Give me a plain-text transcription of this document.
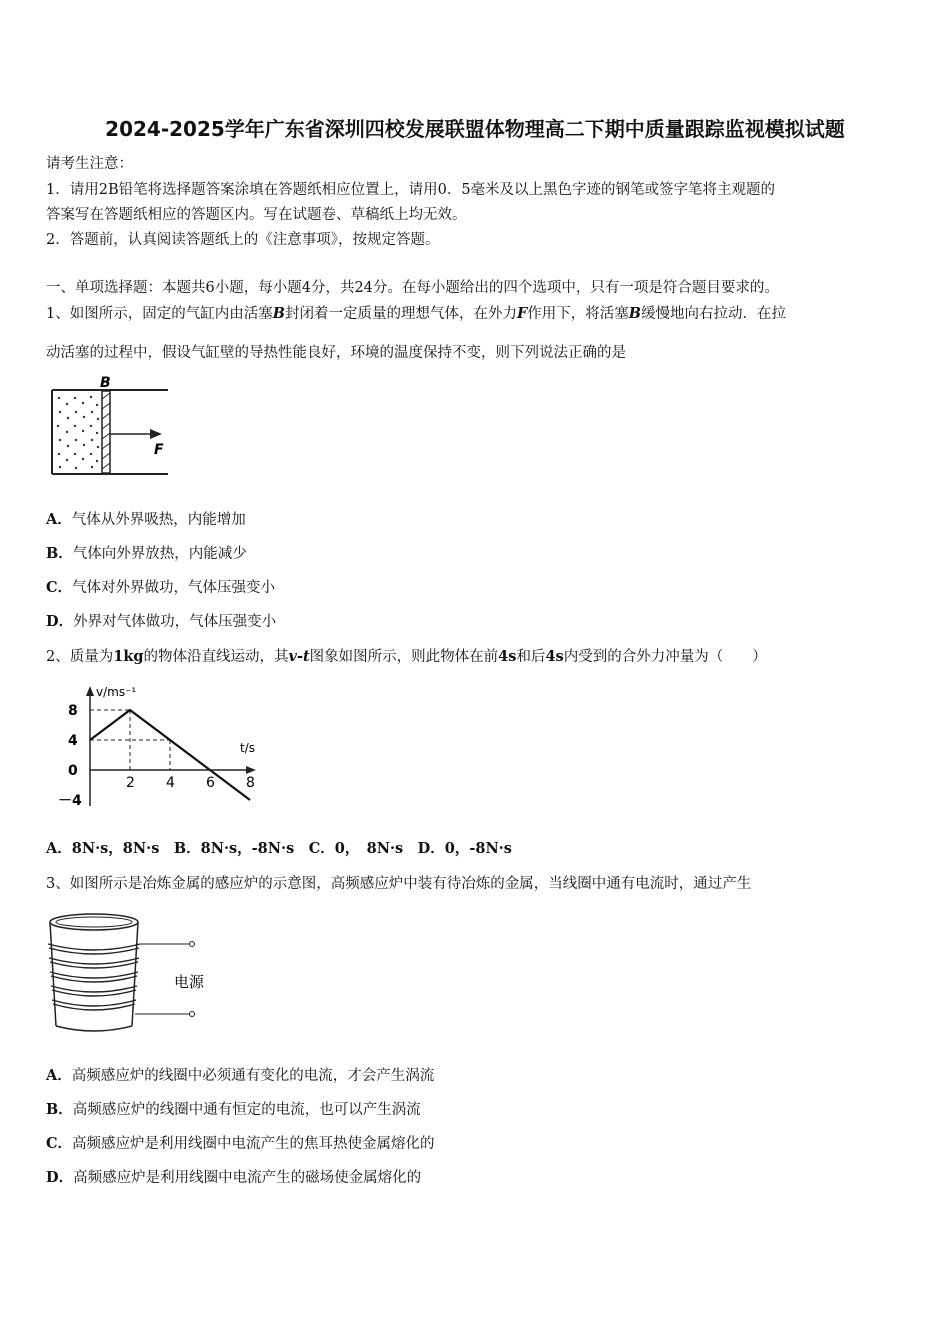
2024-2025学年广东省深圳四校发展联盟体物理高二下期中质量跟踪监视模拟试题
请考生注意：
1．请用2B铅笔将选择题答案涂填在答题纸相应位置上，请用0．5毫米及以上黑色字迹的钢笔或签字笔将主观题的
答案写在答题纸相应的答题区内。写在试题卷、草稿纸上均无效。
2．答题前，认真阅读答题纸上的《注意事项》，按规定答题。
一、单项选择题：本题共6小题，每小题4分，共24分。在每小题给出的四个选项中，只有一项是符合题目要求的。
1、如图所示，固定的气缸内由活塞B封闭着一定质量的理想气体，在外力F作用下，将活塞B缓慢地向右拉动．在拉
动活塞的过程中，假设气缸壁的导热性能良好，环境的温度保持不变，则下列说法正确的是
B
F
A．气体从外界吸热，内能增加
B．气体向外界放热，内能减少
C．气体对外界做功，气体压强变小
D．外界对气体做功，气体压强变小
2、质量为1kg的物体沿直线运动，其v-t图象如图所示，则此物体在前4s和后4s内受到的合外力冲量为（　　）
v/ms⁻¹
t/s
2 4 6 8
8
4
0
－4
A．8N·s，8N·s　B．8N·s，-8N·s　C．0，　8N·s　D．0，-8N·s
3、如图所示是冶炼金属的感应炉的示意图，高频感应炉中装有待冶炼的金属，当线圈中通有电流时，通过产生
电源
A．高频感应炉的线圈中必须通有变化的电流，才会产生涡流
B．高频感应炉的线圈中通有恒定的电流，也可以产生涡流
C．高频感应炉是利用线圈中电流产生的焦耳热使金属熔化的
D．高频感应炉是利用线圈中电流产生的磁场使金属熔化的
